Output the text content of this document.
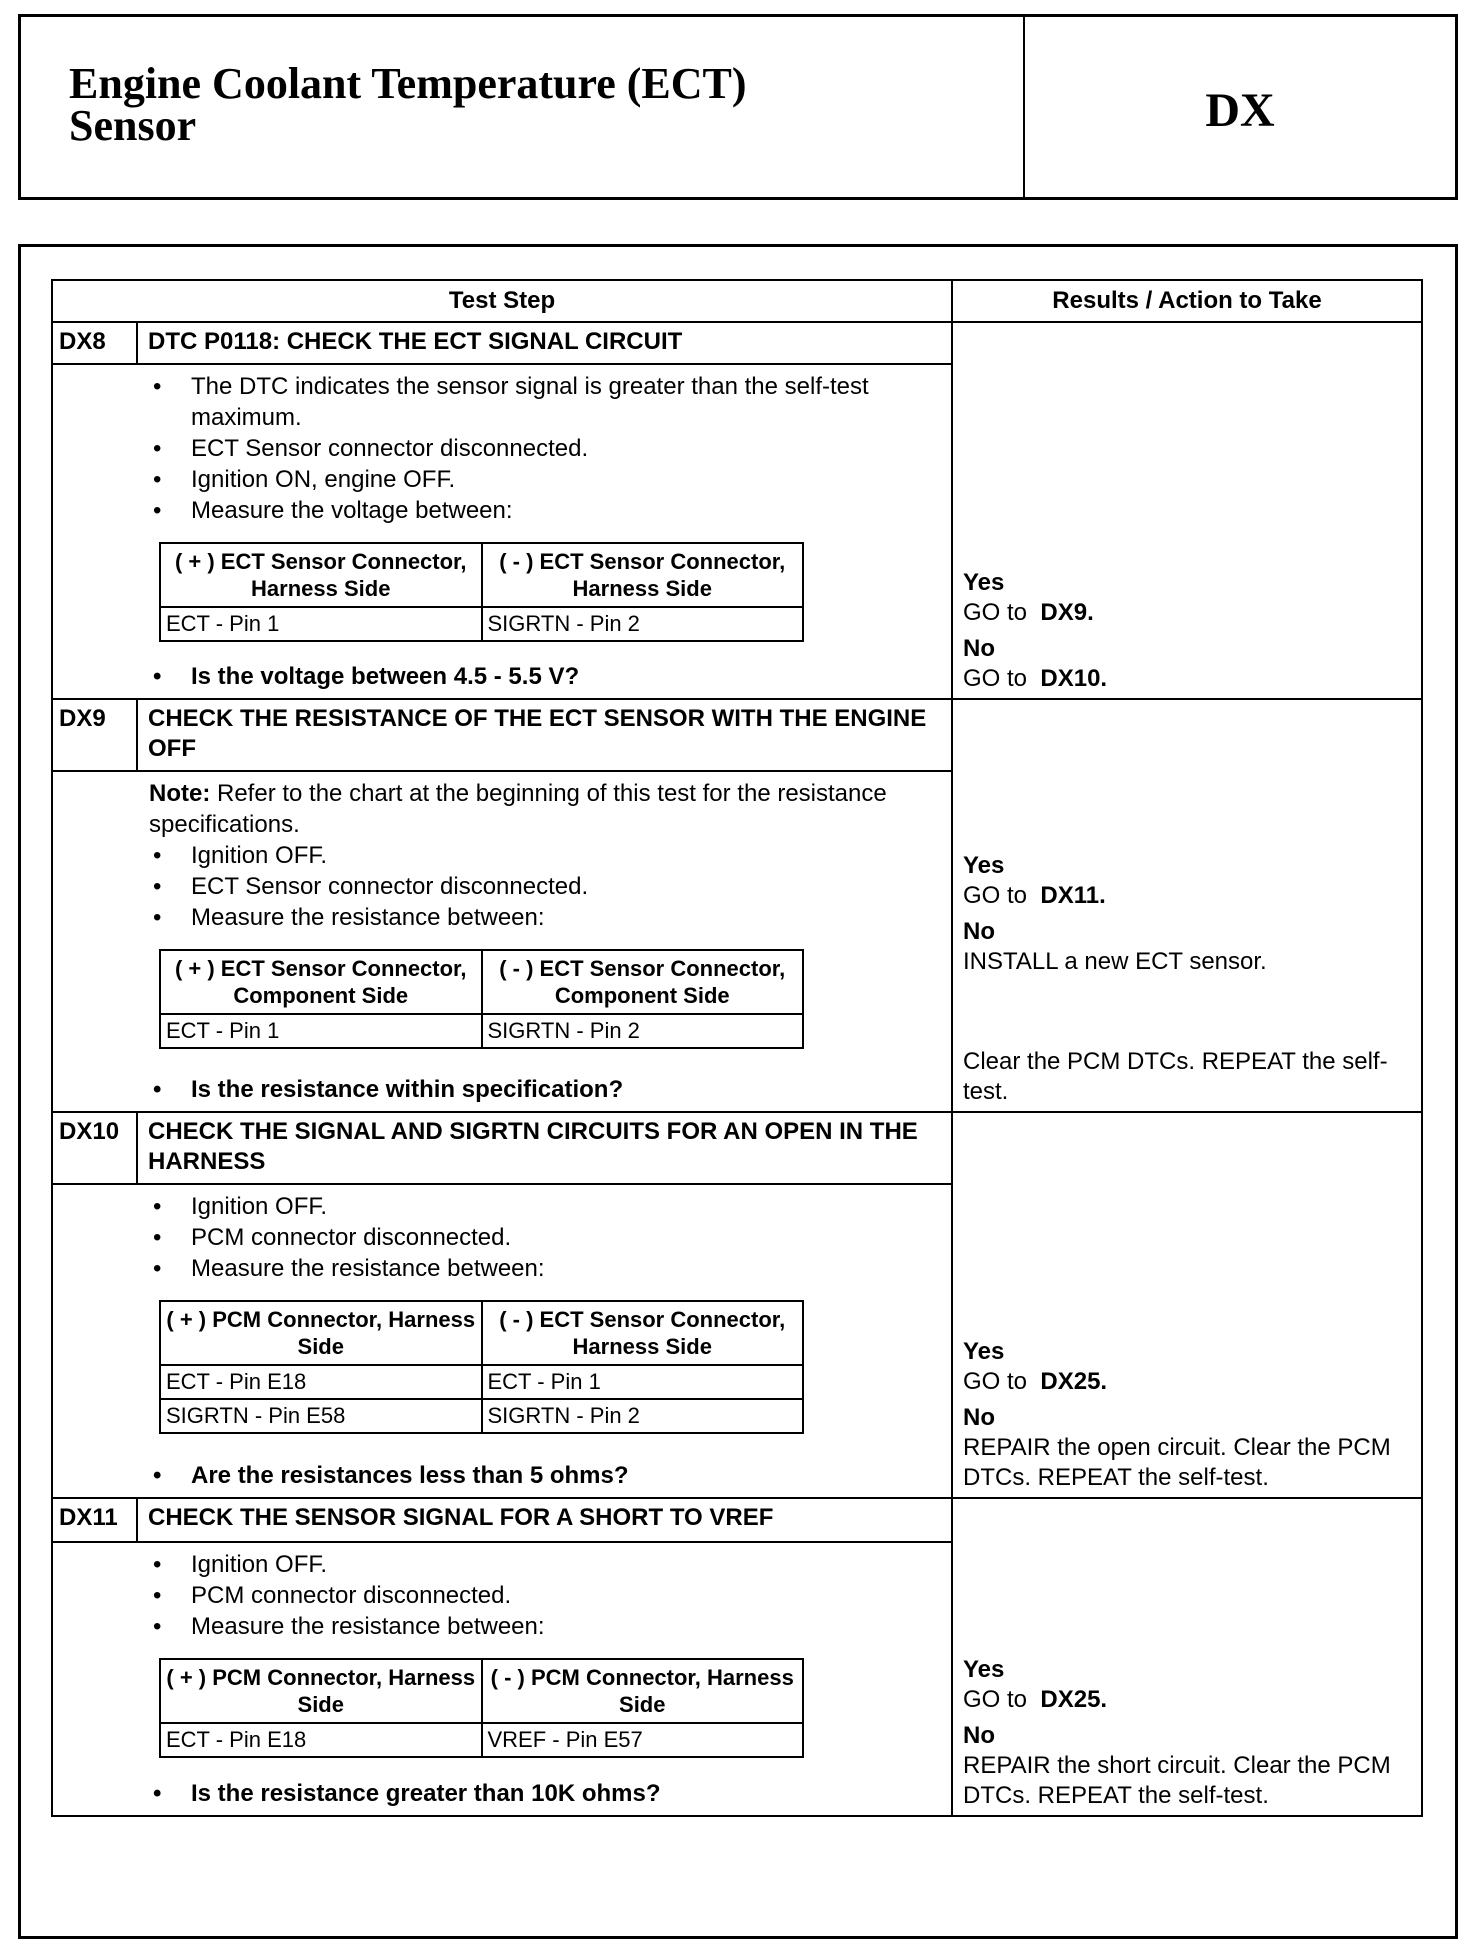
Engine Coolant Temperature (ECT)
Sensor	DX
Test Step	Results / Action to Take
DX8	DTC P0118: CHECK THE ECT SIGNAL CIRCUIT
• The DTC indicates the sensor signal is greater than the self-test maximum.
• ECT Sensor connector disconnected.
• Ignition ON, engine OFF.
• Measure the voltage between:
( + ) ECT Sensor Connector, Harness Side	( - ) ECT Sensor Connector, Harness Side
ECT - Pin 1	SIGRTN - Pin 2
• Is the voltage between 4.5 - 5.5 V?
Yes
GO to DX9.
No
GO to DX10.
DX9	CHECK THE RESISTANCE OF THE ECT SENSOR WITH THE ENGINE OFF
Note: Refer to the chart at the beginning of this test for the resistance specifications.
• Ignition OFF.
• ECT Sensor connector disconnected.
• Measure the resistance between:
( + ) ECT Sensor Connector, Component Side	( - ) ECT Sensor Connector, Component Side
ECT - Pin 1	SIGRTN - Pin 2
• Is the resistance within specification?
Yes
GO to DX11.
No
INSTALL a new ECT sensor.
Clear the PCM DTCs. REPEAT the self-test.
DX10	CHECK THE SIGNAL AND SIGRTN CIRCUITS FOR AN OPEN IN THE HARNESS
• Ignition OFF.
• PCM connector disconnected.
• Measure the resistance between:
( + ) PCM Connector, Harness Side	( - ) ECT Sensor Connector, Harness Side
ECT - Pin E18	ECT - Pin 1
SIGRTN - Pin E58	SIGRTN - Pin 2
• Are the resistances less than 5 ohms?
Yes
GO to DX25.
No
REPAIR the open circuit. Clear the PCM DTCs. REPEAT the self-test.
DX11	CHECK THE SENSOR SIGNAL FOR A SHORT TO VREF
• Ignition OFF.
• PCM connector disconnected.
• Measure the resistance between:
( + ) PCM Connector, Harness Side	( - ) PCM Connector, Harness Side
ECT - Pin E18	VREF - Pin E57
• Is the resistance greater than 10K ohms?
Yes
GO to DX25.
No
REPAIR the short circuit. Clear the PCM DTCs. REPEAT the self-test.
